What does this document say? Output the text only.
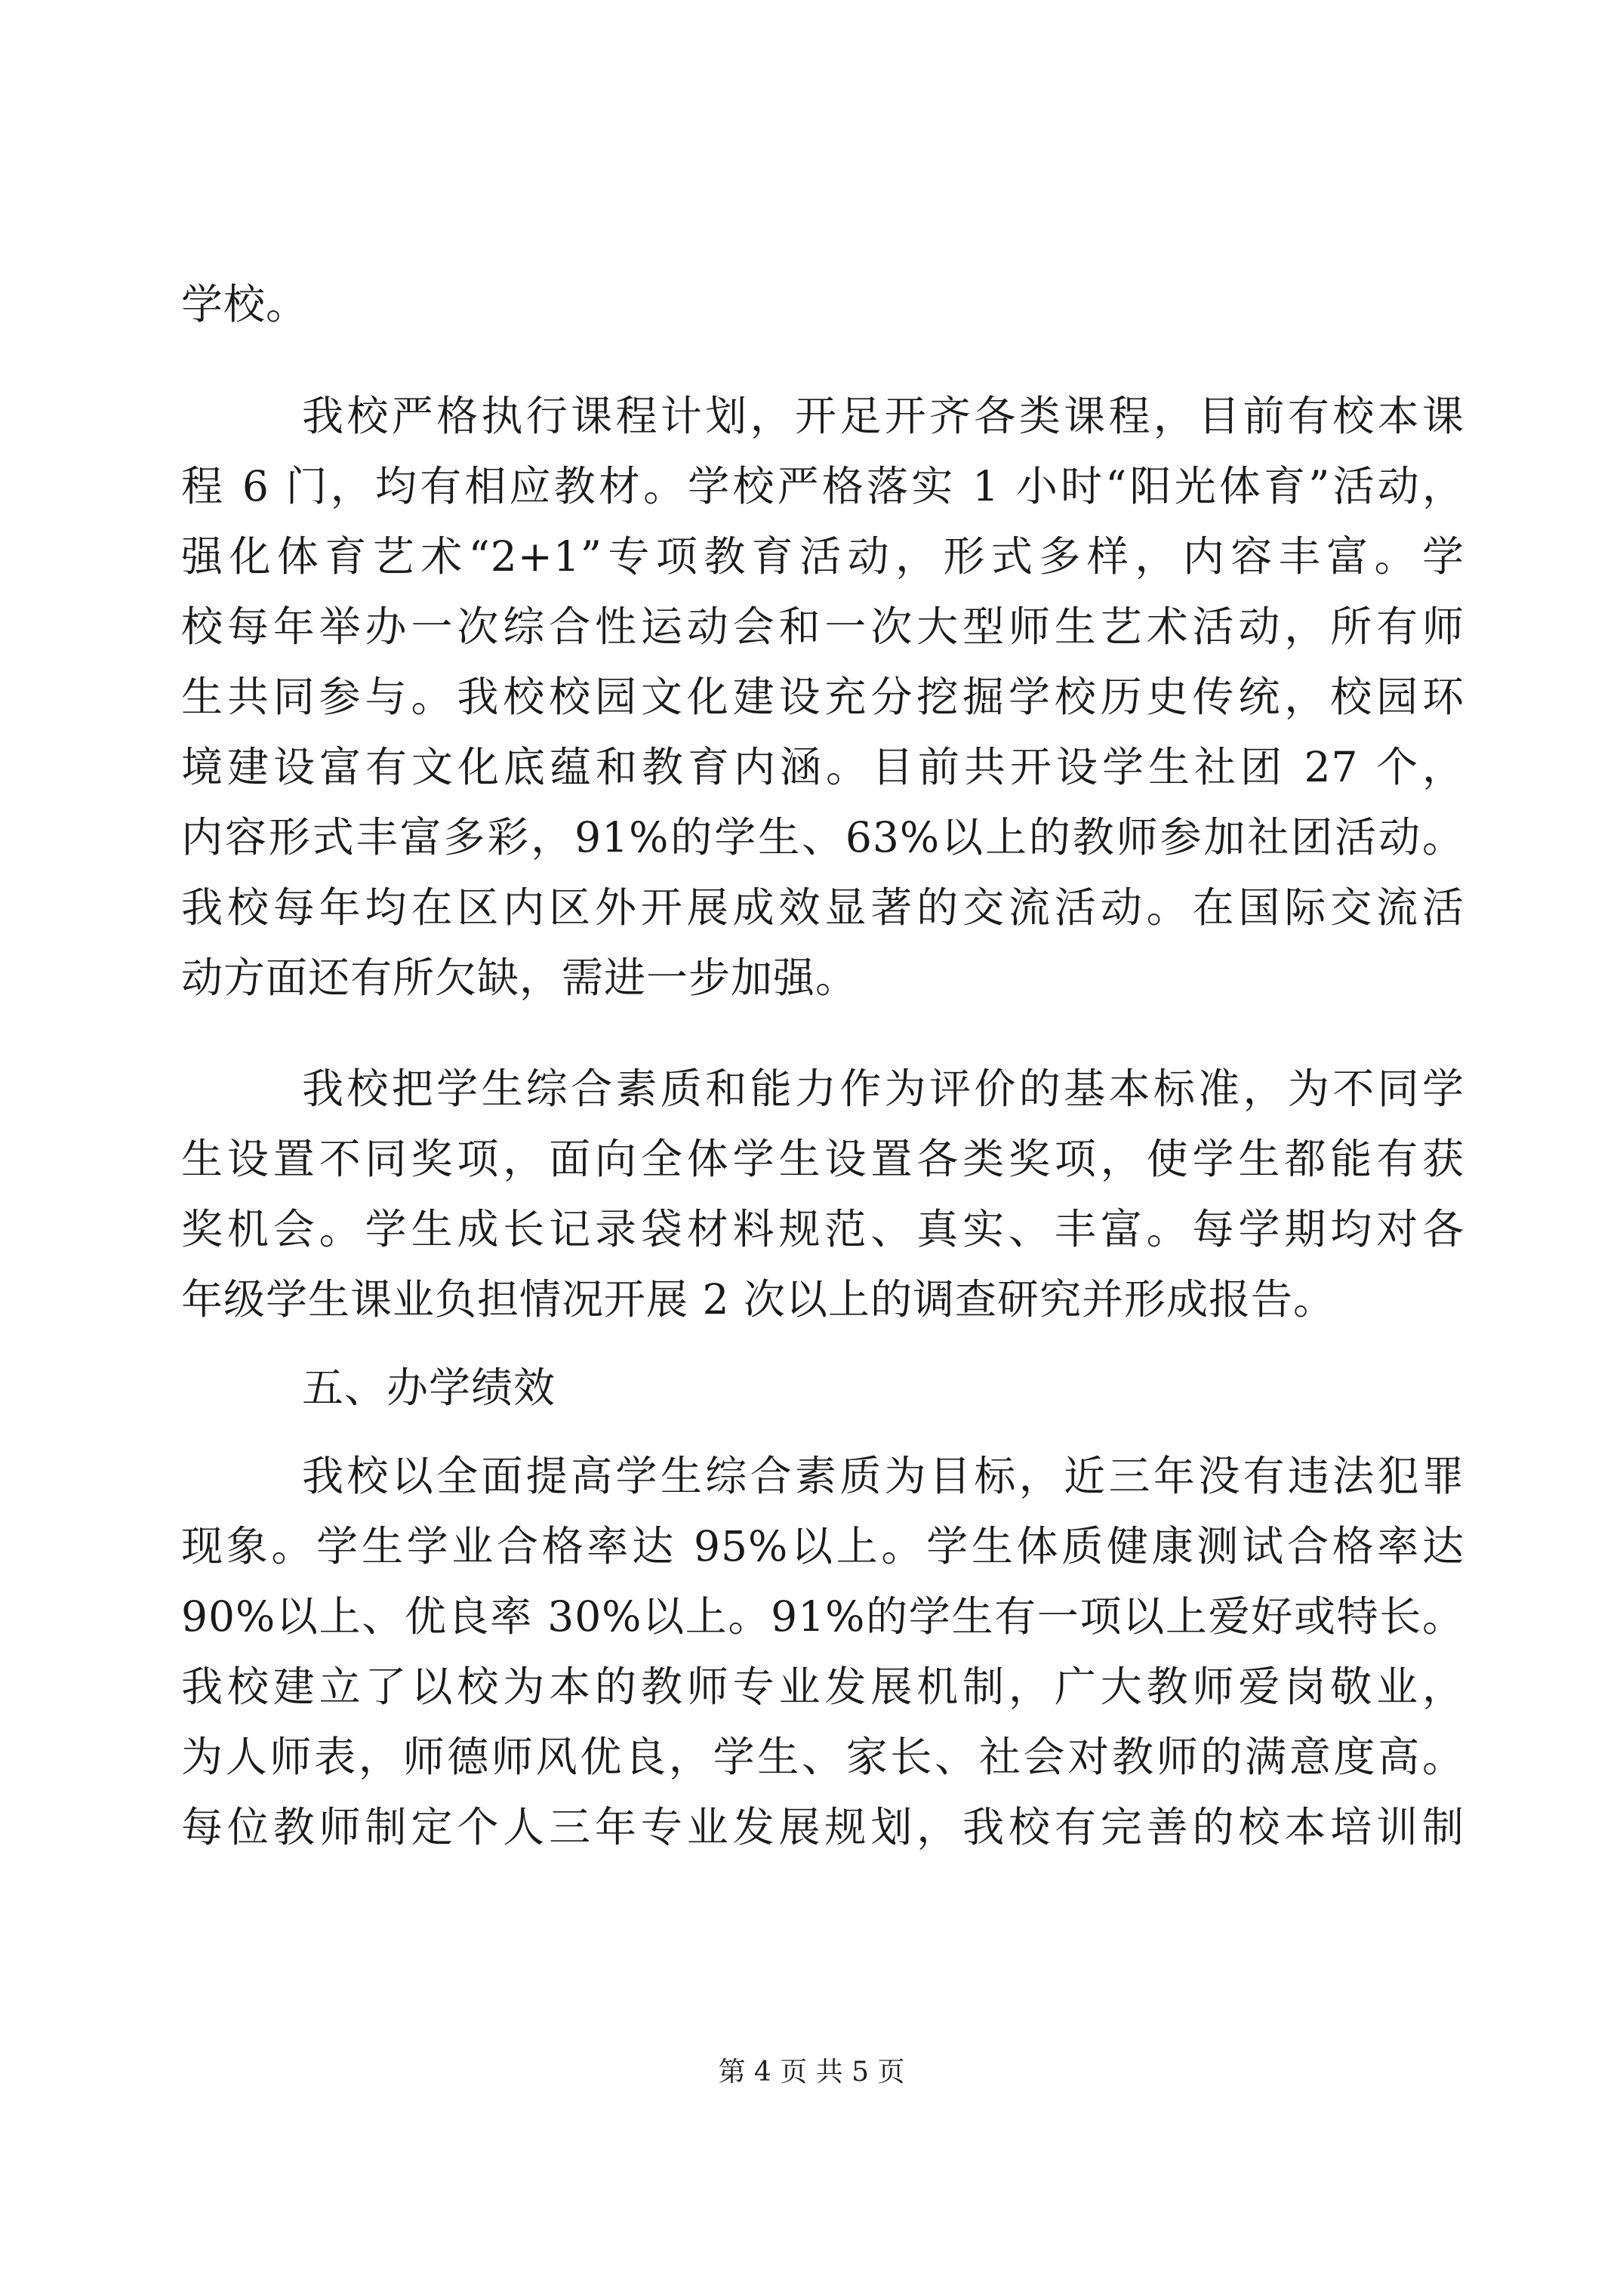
学校。
我校严格执行课程计划，开足开齐各类课程，目前有校本课
程 6 门，均有相应教材。学校严格落实 1 小时“阳光体育”活动，
强化体育艺术“2+1”专项教育活动，形式多样，内容丰富。学
校每年举办一次综合性运动会和一次大型师生艺术活动，所有师
生共同参与。我校校园文化建设充分挖掘学校历史传统，校园环
境建设富有文化底蕴和教育内涵。目前共开设学生社团 27 个，
内容形式丰富多彩，91%的学生、63%以上的教师参加社团活动。
我校每年均在区内区外开展成效显著的交流活动。在国际交流活
动方面还有所欠缺，需进一步加强。
我校把学生综合素质和能力作为评价的基本标准，为不同学
生设置不同奖项，面向全体学生设置各类奖项，使学生都能有获
奖机会。学生成长记录袋材料规范、真实、丰富。每学期均对各
年级学生课业负担情况开展 2 次以上的调查研究并形成报告。
五、办学绩效
我校以全面提高学生综合素质为目标，近三年没有违法犯罪
现象。学生学业合格率达 95%以上。学生体质健康测试合格率达
90%以上、优良率 30%以上。91%的学生有一项以上爱好或特长。
我校建立了以校为本的教师专业发展机制，广大教师爱岗敬业，
为人师表，师德师风优良，学生、家长、社会对教师的满意度高。
每位教师制定个人三年专业发展规划，我校有完善的校本培训制
第 4 页 共 5 页
